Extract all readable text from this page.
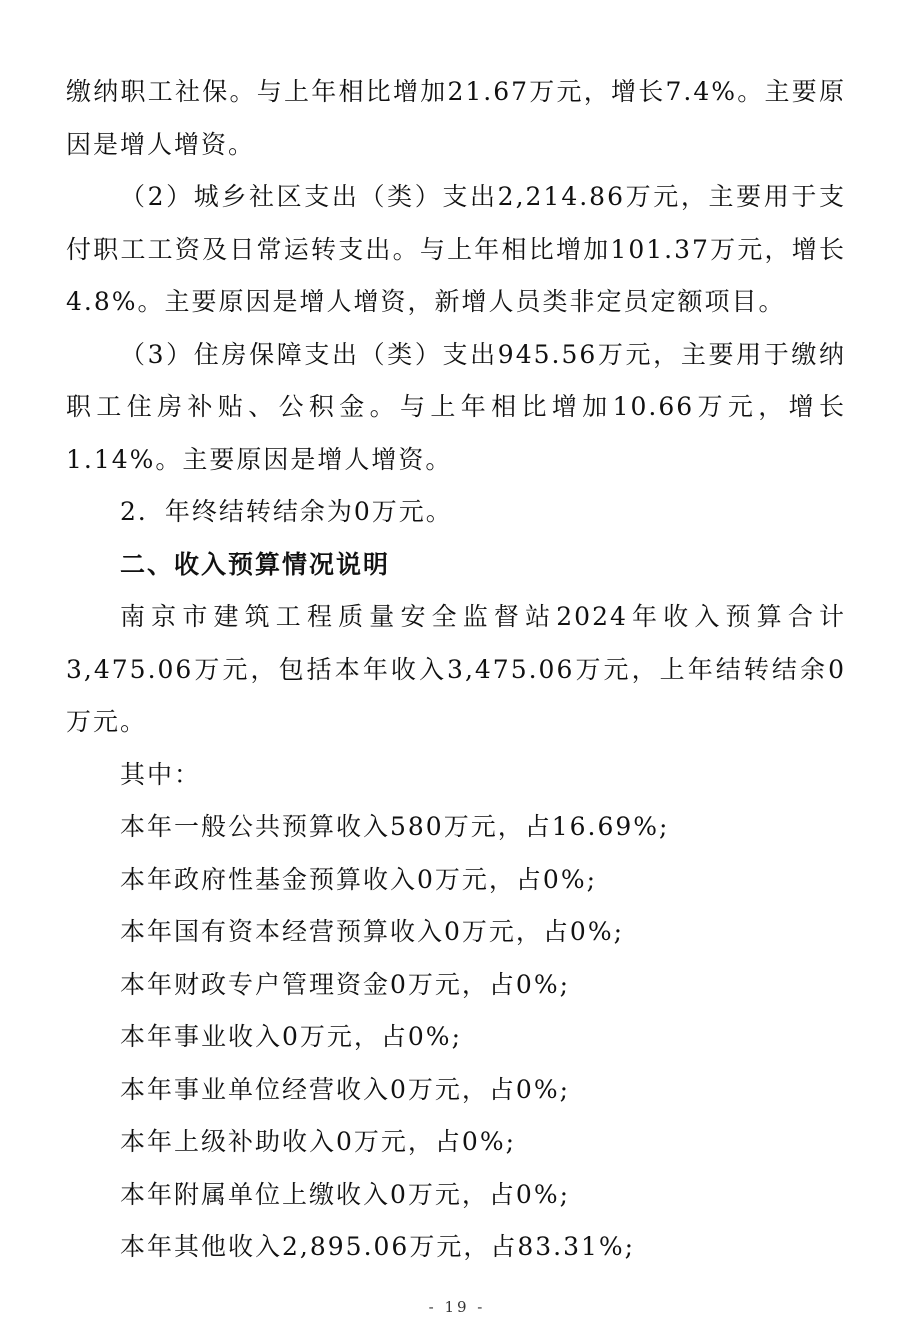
缴纳职工社保。与上年相比增加21.67万元，增长7.4%。主要原因是增人增资。

（2）城乡社区支出（类）支出2,214.86万元，主要用于支付职工工资及日常运转支出。与上年相比增加101.37万元，增长4.8%。主要原因是增人增资，新增人员类非定员定额项目。

（3）住房保障支出（类）支出945.56万元，主要用于缴纳职工住房补贴、公积金。与上年相比增加10.66万元，增长1.14%。主要原因是增人增资。

2．年终结转结余为0万元。

二、收入预算情况说明

南京市建筑工程质量安全监督站2024年收入预算合计3,475.06万元，包括本年收入3,475.06万元，上年结转结余0万元。

其中：

本年一般公共预算收入580万元，占16.69%;

本年政府性基金预算收入0万元，占0%;

本年国有资本经营预算收入0万元，占0%;

本年财政专户管理资金0万元，占0%;

本年事业收入0万元，占0%;

本年事业单位经营收入0万元，占0%;

本年上级补助收入0万元，占0%;

本年附属单位上缴收入0万元，占0%;

本年其他收入2,895.06万元，占83.31%;

- 19 -
